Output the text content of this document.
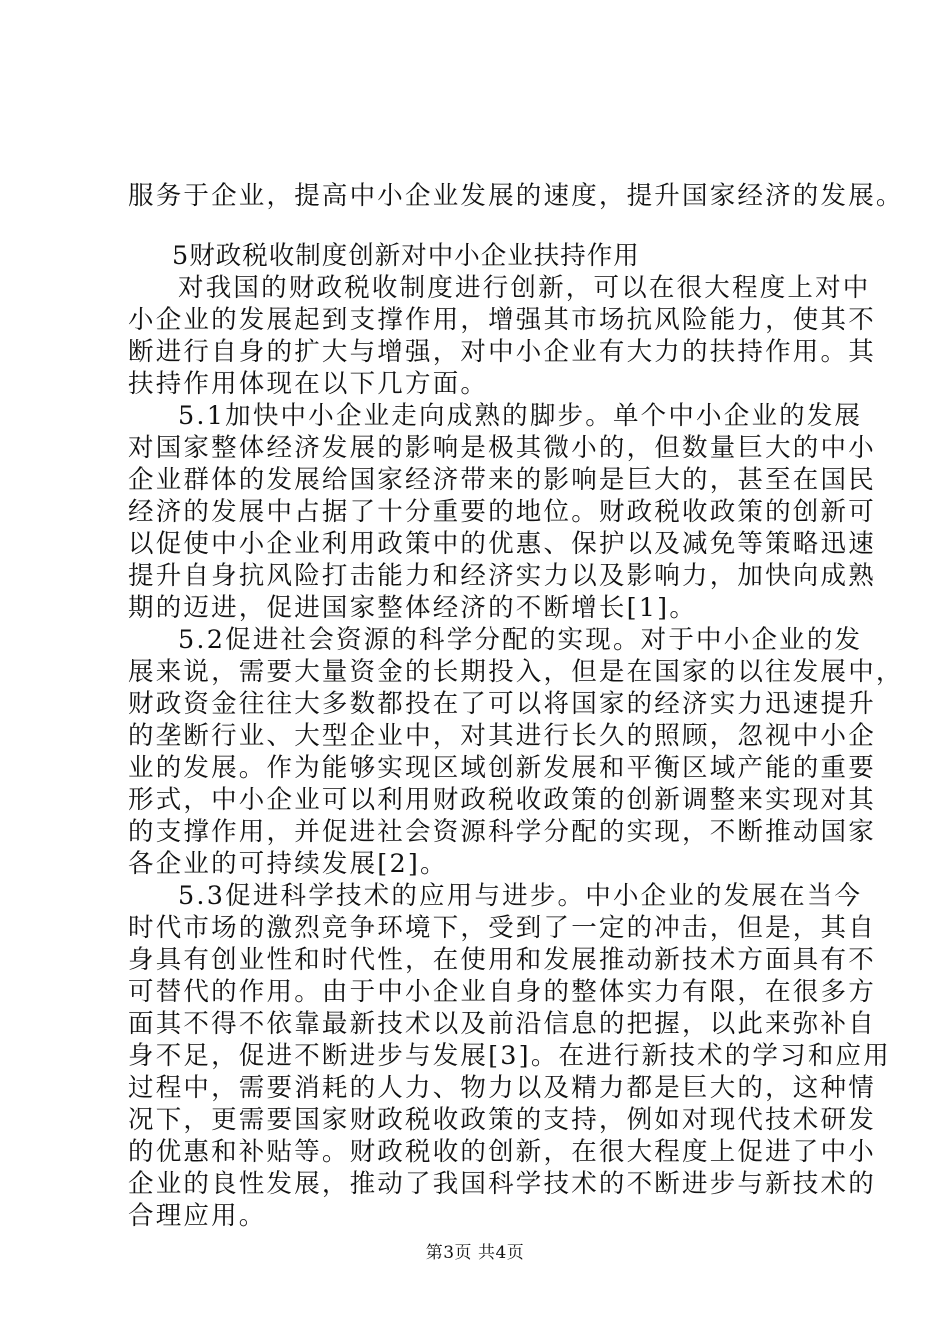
服务于企业，提高中小企业发展的速度，提升国家经济的发展。
5财政税收制度创新对中小企业扶持作用
对我国的财政税收制度进行创新，可以在很大程度上对中
小企业的发展起到支撑作用，增强其市场抗风险能力，使其不
断进行自身的扩大与增强，对中小企业有大力的扶持作用。其
扶持作用体现在以下几方面。
5.1加快中小企业走向成熟的脚步。单个中小企业的发展
对国家整体经济发展的影响是极其微小的，但数量巨大的中小
企业群体的发展给国家经济带来的影响是巨大的，甚至在国民
经济的发展中占据了十分重要的地位。财政税收政策的创新可
以促使中小企业利用政策中的优惠、保护以及减免等策略迅速
提升自身抗风险打击能力和经济实力以及影响力，加快向成熟
期的迈进，促进国家整体经济的不断增长[1]。
5.2促进社会资源的科学分配的实现。对于中小企业的发
展来说，需要大量资金的长期投入，但是在国家的以往发展中，
财政资金往往大多数都投在了可以将国家的经济实力迅速提升
的垄断行业、大型企业中，对其进行长久的照顾，忽视中小企
业的发展。作为能够实现区域创新发展和平衡区域产能的重要
形式，中小企业可以利用财政税收政策的创新调整来实现对其
的支撑作用，并促进社会资源科学分配的实现，不断推动国家
各企业的可持续发展[2]。
5.3促进科学技术的应用与进步。中小企业的发展在当今
时代市场的激烈竞争环境下，受到了一定的冲击，但是，其自
身具有创业性和时代性，在使用和发展推动新技术方面具有不
可替代的作用。由于中小企业自身的整体实力有限，在很多方
面其不得不依靠最新技术以及前沿信息的把握，以此来弥补自
身不足，促进不断进步与发展[3]。在进行新技术的学习和应用
过程中，需要消耗的人力、物力以及精力都是巨大的，这种情
况下，更需要国家财政税收政策的支持，例如对现代技术研发
的优惠和补贴等。财政税收的创新，在很大程度上促进了中小
企业的良性发展，推动了我国科学技术的不断进步与新技术的
合理应用。
第3页 共4页
